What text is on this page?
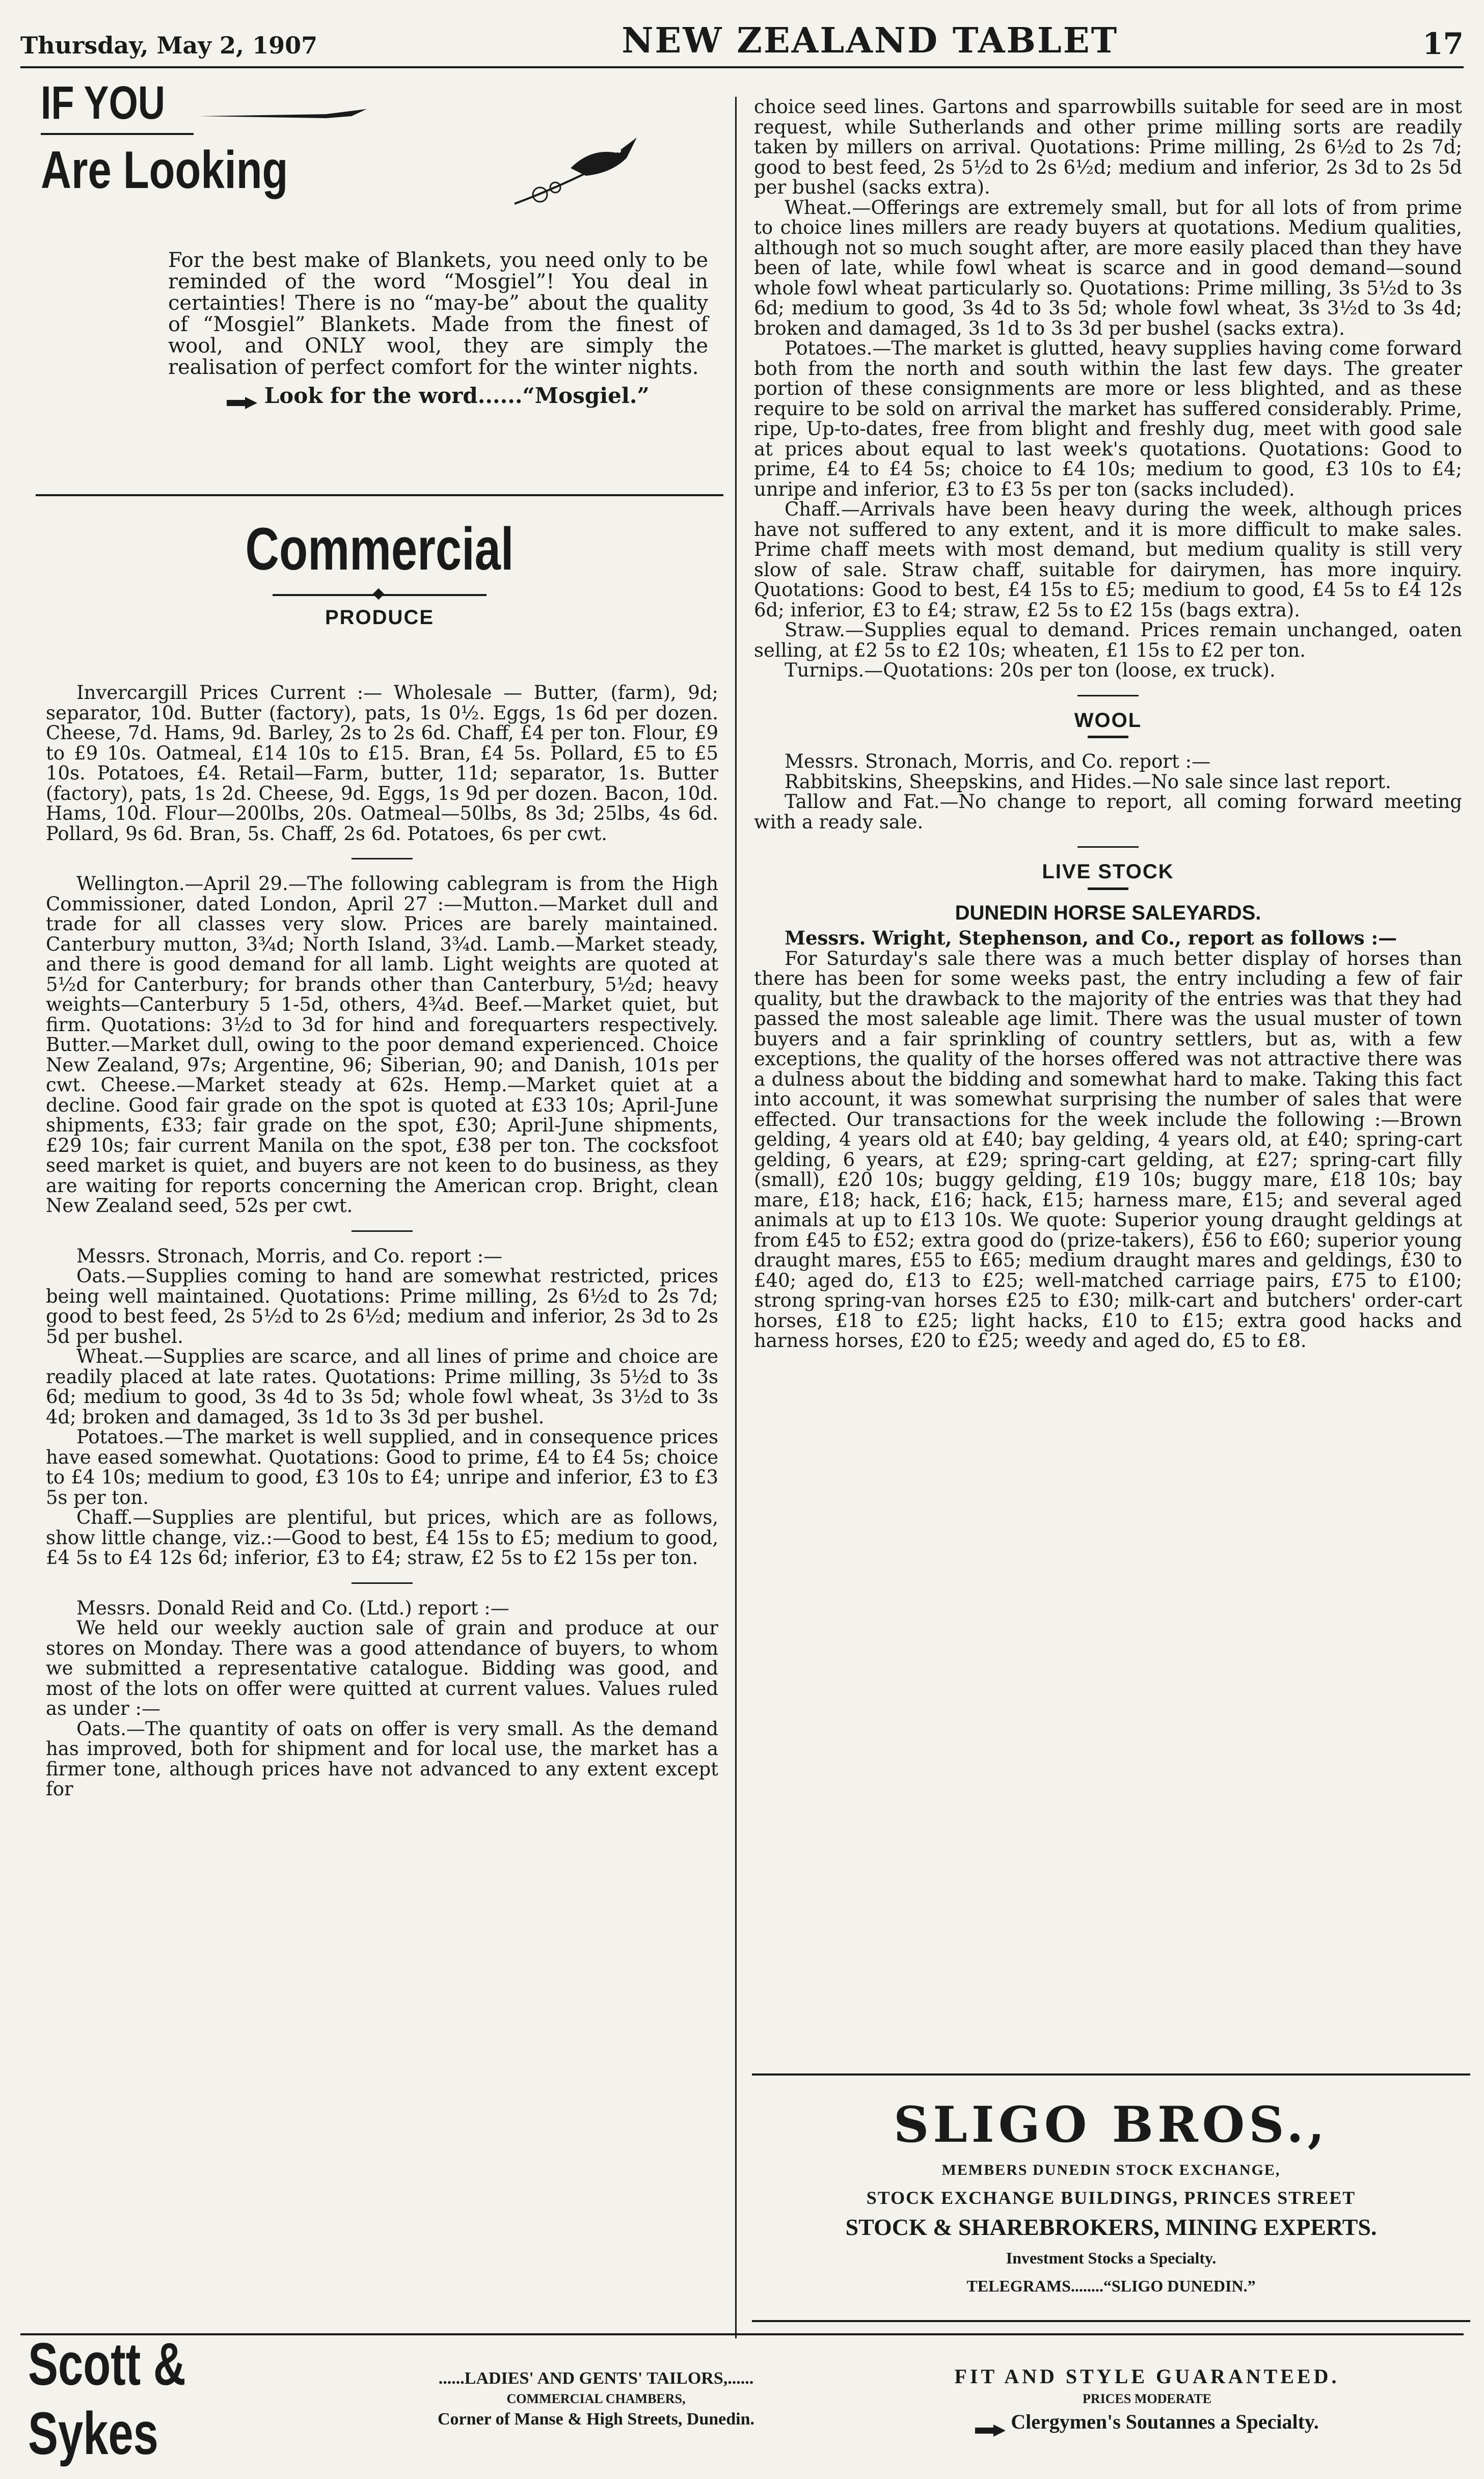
Thursday, May 2, 1907	NEW ZEALAND TABLET	17
IF YOU
Are Looking
For the best make of Blankets, you need only to be reminded of the word “Mosgiel”! You deal in certainties! There is no “may-be” about the quality of “Mosgiel” Blankets. Made from the finest of wool, and ONLY wool, they are simply the realisation of perfect comfort for the winter nights.
Look for the word......“Mosgiel.”
Commercial
PRODUCE

Invercargill Prices Current :— Wholesale — Butter, (farm), 9d; separator, 10d. Butter (factory), pats, 1s 0½. Eggs, 1s 6d per dozen. Cheese, 7d. Hams, 9d. Barley, 2s to 2s 6d. Chaff, £4 per ton. Flour, £9 to £9 10s. Oatmeal, £14 10s to £15. Bran, £4 5s. Pollard, £5 to £5 10s. Potatoes, £4. Retail—Farm, butter, 11d; separator, 1s. Butter (factory), pats, 1s 2d. Cheese, 9d. Eggs, 1s 9d per dozen. Bacon, 10d. Hams, 10d. Flour—200lbs, 20s. Oatmeal—50lbs, 8s 3d; 25lbs, 4s 6d. Pollard, 9s 6d. Bran, 5s. Chaff, 2s 6d. Potatoes, 6s per cwt.

Wellington.—April 29.—The following cablegram is from the High Commissioner, dated London, April 27 :—Mutton.—Market dull and trade for all classes very slow. Prices are barely maintained. Canterbury mutton, 3¾d; North Island, 3¾d. Lamb.—Market steady, and there is good demand for all lamb. Light weights are quoted at 5½d for Canterbury; for brands other than Canterbury, 5½d; heavy weights—Canterbury 5 1-5d, others, 4¾d. Beef.—Market quiet, but firm. Quotations: 3½d to 3d for hind and forequarters respectively. Butter.—Market dull, owing to the poor demand experienced. Choice New Zealand, 97s; Argentine, 96; Siberian, 90; and Danish, 101s per cwt. Cheese.—Market steady at 62s. Hemp.—Market quiet at a decline. Good fair grade on the spot is quoted at £33 10s; April-June shipments, £33; fair grade on the spot, £30; April-June shipments, £29 10s; fair current Manila on the spot, £38 per ton. The cocksfoot seed market is quiet, and buyers are not keen to do business, as they are waiting for reports concerning the American crop. Bright, clean New Zealand seed, 52s per cwt.

Messrs. Stronach, Morris, and Co. report :—

Oats.—Supplies coming to hand are somewhat restricted, prices being well maintained. Quotations: Prime milling, 2s 6½d to 2s 7d; good to best feed, 2s 5½d to 2s 6½d; medium and inferior, 2s 3d to 2s 5d per bushel.

Wheat.—Supplies are scarce, and all lines of prime and choice are readily placed at late rates. Quotations: Prime milling, 3s 5½d to 3s 6d; medium to good, 3s 4d to 3s 5d; whole fowl wheat, 3s 3½d to 3s 4d; broken and damaged, 3s 1d to 3s 3d per bushel.

Potatoes.—The market is well supplied, and in consequence prices have eased somewhat. Quotations: Good to prime, £4 to £4 5s; choice to £4 10s; medium to good, £3 10s to £4; unripe and inferior, £3 to £3 5s per ton.

Chaff.—Supplies are plentiful, but prices, which are as follows, show little change, viz.:—Good to best, £4 15s to £5; medium to good, £4 5s to £4 12s 6d; inferior, £3 to £4; straw, £2 5s to £2 15s per ton.

Messrs. Donald Reid and Co. (Ltd.) report :—

We held our weekly auction sale of grain and produce at our stores on Monday. There was a good attendance of buyers, to whom we submitted a representative catalogue. Bidding was good, and most of the lots on offer were quitted at current values. Values ruled as under :—

Oats.—The quantity of oats on offer is very small. As the demand has improved, both for shipment and for local use, the market has a firmer tone, although prices have not advanced to any extent except for

choice seed lines. Gartons and sparrowbills suitable for seed are in most request, while Sutherlands and other prime milling sorts are readily taken by millers on arrival. Quotations: Prime milling, 2s 6½d to 2s 7d; good to best feed, 2s 5½d to 2s 6½d; medium and inferior, 2s 3d to 2s 5d per bushel (sacks extra).

Wheat.—Offerings are extremely small, but for all lots of from prime to choice lines millers are ready buyers at quotations. Medium qualities, although not so much sought after, are more easily placed than they have been of late, while fowl wheat is scarce and in good demand—sound whole fowl wheat particularly so. Quotations: Prime milling, 3s 5½d to 3s 6d; medium to good, 3s 4d to 3s 5d; whole fowl wheat, 3s 3½d to 3s 4d; broken and damaged, 3s 1d to 3s 3d per bushel (sacks extra).

Potatoes.—The market is glutted, heavy supplies having come forward both from the north and south within the last few days. The greater portion of these consignments are more or less blighted, and as these require to be sold on arrival the market has suffered considerably. Prime, ripe, Up-to-dates, free from blight and freshly dug, meet with good sale at prices about equal to last week's quotations. Quotations: Good to prime, £4 to £4 5s; choice to £4 10s; medium to good, £3 10s to £4; unripe and inferior, £3 to £3 5s per ton (sacks included).

Chaff.—Arrivals have been heavy during the week, although prices have not suffered to any extent, and it is more difficult to make sales. Prime chaff meets with most demand, but medium quality is still very slow of sale. Straw chaff, suitable for dairymen, has more inquiry. Quotations: Good to best, £4 15s to £5; medium to good, £4 5s to £4 12s 6d; inferior, £3 to £4; straw, £2 5s to £2 15s (bags extra).

Straw.—Supplies equal to demand. Prices remain unchanged, oaten selling, at £2 5s to £2 10s; wheaten, £1 15s to £2 per ton.

Turnips.—Quotations: 20s per ton (loose, ex truck).

WOOL

Messrs. Stronach, Morris, and Co. report :—

Rabbitskins, Sheepskins, and Hides.—No sale since last report.

Tallow and Fat.—No change to report, all coming forward meeting with a ready sale.

LIVE STOCK
DUNEDIN HORSE SALEYARDS.

Messrs. Wright, Stephenson, and Co., report as follows :—

For Saturday's sale there was a much better display of horses than there has been for some weeks past, the entry including a few of fair quality, but the drawback to the majority of the entries was that they had passed the most saleable age limit. There was the usual muster of town buyers and a fair sprinkling of country settlers, but as, with a few exceptions, the quality of the horses offered was not attractive there was a dulness about the bidding and somewhat hard to make. Taking this fact into account, it was somewhat surprising the number of sales that were effected. Our transactions for the week include the following :—Brown gelding, 4 years old at £40; bay gelding, 4 years old, at £40; spring-cart gelding, 6 years, at £29; spring-cart gelding, at £27; spring-cart filly (small), £20 10s; buggy gelding, £19 10s; buggy mare, £18 10s; bay mare, £18; hack, £16; hack, £15; harness mare, £15; and several aged animals at up to £13 10s. We quote: Superior young draught geldings at from £45 to £52; extra good do (prize-takers), £56 to £60; superior young draught mares, £55 to £65; medium draught mares and geldings, £30 to £40; aged do, £13 to £25; well-matched carriage pairs, £75 to £100; strong spring-van horses £25 to £30; milk-cart and butchers' order-cart horses, £18 to £25; light hacks, £10 to £15; extra good hacks and harness horses, £20 to £25; weedy and aged do, £5 to £8.

SLIGO BROS.,
MEMBERS DUNEDIN STOCK EXCHANGE,
STOCK EXCHANGE BUILDINGS, PRINCES STREET
STOCK & SHAREBROKERS, MINING EXPERTS.
Investment Stocks a Specialty.
TELEGRAMS........“SLIGO DUNEDIN.”
Scott & Sykes
......LADIES' AND GENTS' TAILORS,......
COMMERCIAL CHAMBERS,
Corner of Manse & High Streets, Dunedin.
FIT AND STYLE GUARANTEED.
PRICES MODERATE
Clergymen's Soutannes a Specialty.
